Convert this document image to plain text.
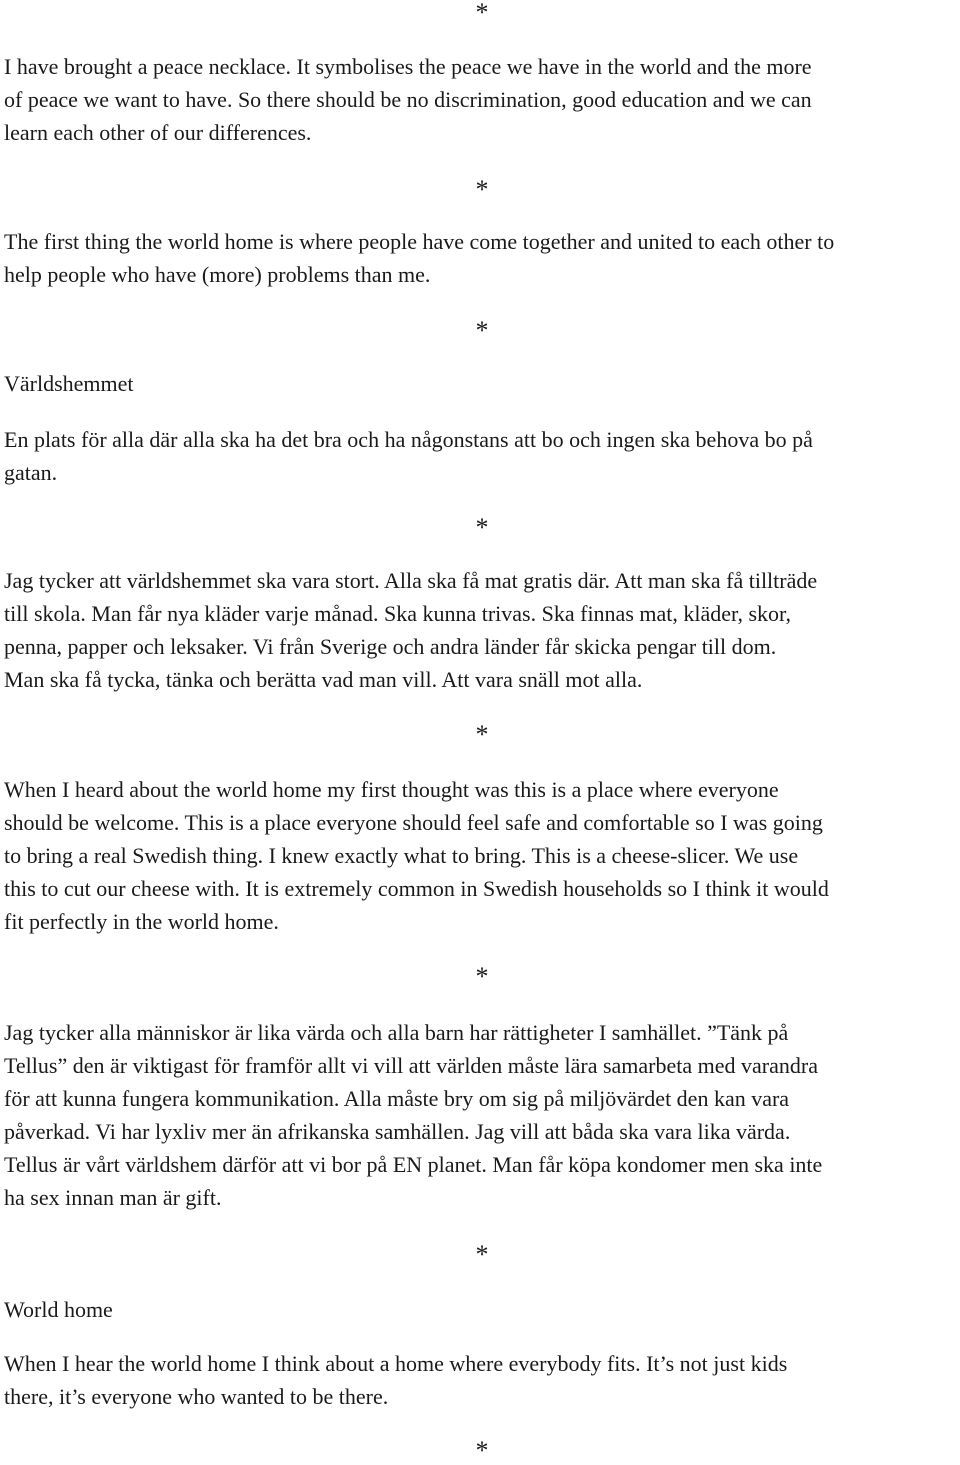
*

I have brought a peace necklace. It symbolises the peace we have in the world and the more
of peace we want to have. So there should be no discrimination, good education and we can
learn each other of our differences.

*

The first thing the world home is where people have come together and united to each other to
help people who have (more) problems than me.

*

Världshemmet

En plats för alla där alla ska ha det bra och ha någonstans att bo och ingen ska behova bo på
gatan.

*

Jag tycker att världshemmet ska vara stort. Alla ska få mat gratis där. Att man ska få tillträde
till skola. Man får nya kläder varje månad. Ska kunna trivas. Ska finnas mat, kläder, skor,
penna, papper och leksaker. Vi från Sverige och andra länder får skicka pengar till dom.
Man ska få tycka, tänka och berätta vad man vill. Att vara snäll mot alla.

*

When I heard about the world home my first thought was this is a place where everyone
should be welcome. This is a place everyone should feel safe and comfortable so I was going
to bring a real Swedish thing. I knew exactly what to bring. This is a cheese-slicer. We use
this to cut our cheese with. It is extremely common in Swedish households so I think it would
fit perfectly in the world home.

*

Jag tycker alla människor är lika värda och alla barn har rättigheter I samhället. ”Tänk på
Tellus” den är viktigast för framför allt vi vill att världen måste lära samarbeta med varandra
för att kunna fungera kommunikation. Alla måste bry om sig på miljövärdet den kan vara
påverkad. Vi har lyxliv mer än afrikanska samhällen. Jag vill att båda ska vara lika värda.
Tellus är vårt världshem därför att vi bor på EN planet. Man får köpa kondomer men ska inte
ha sex innan man är gift.

*

World home

When I hear the world home I think about a home where everybody fits. It’s not just kids
there, it’s everyone who wanted to be there.

*
